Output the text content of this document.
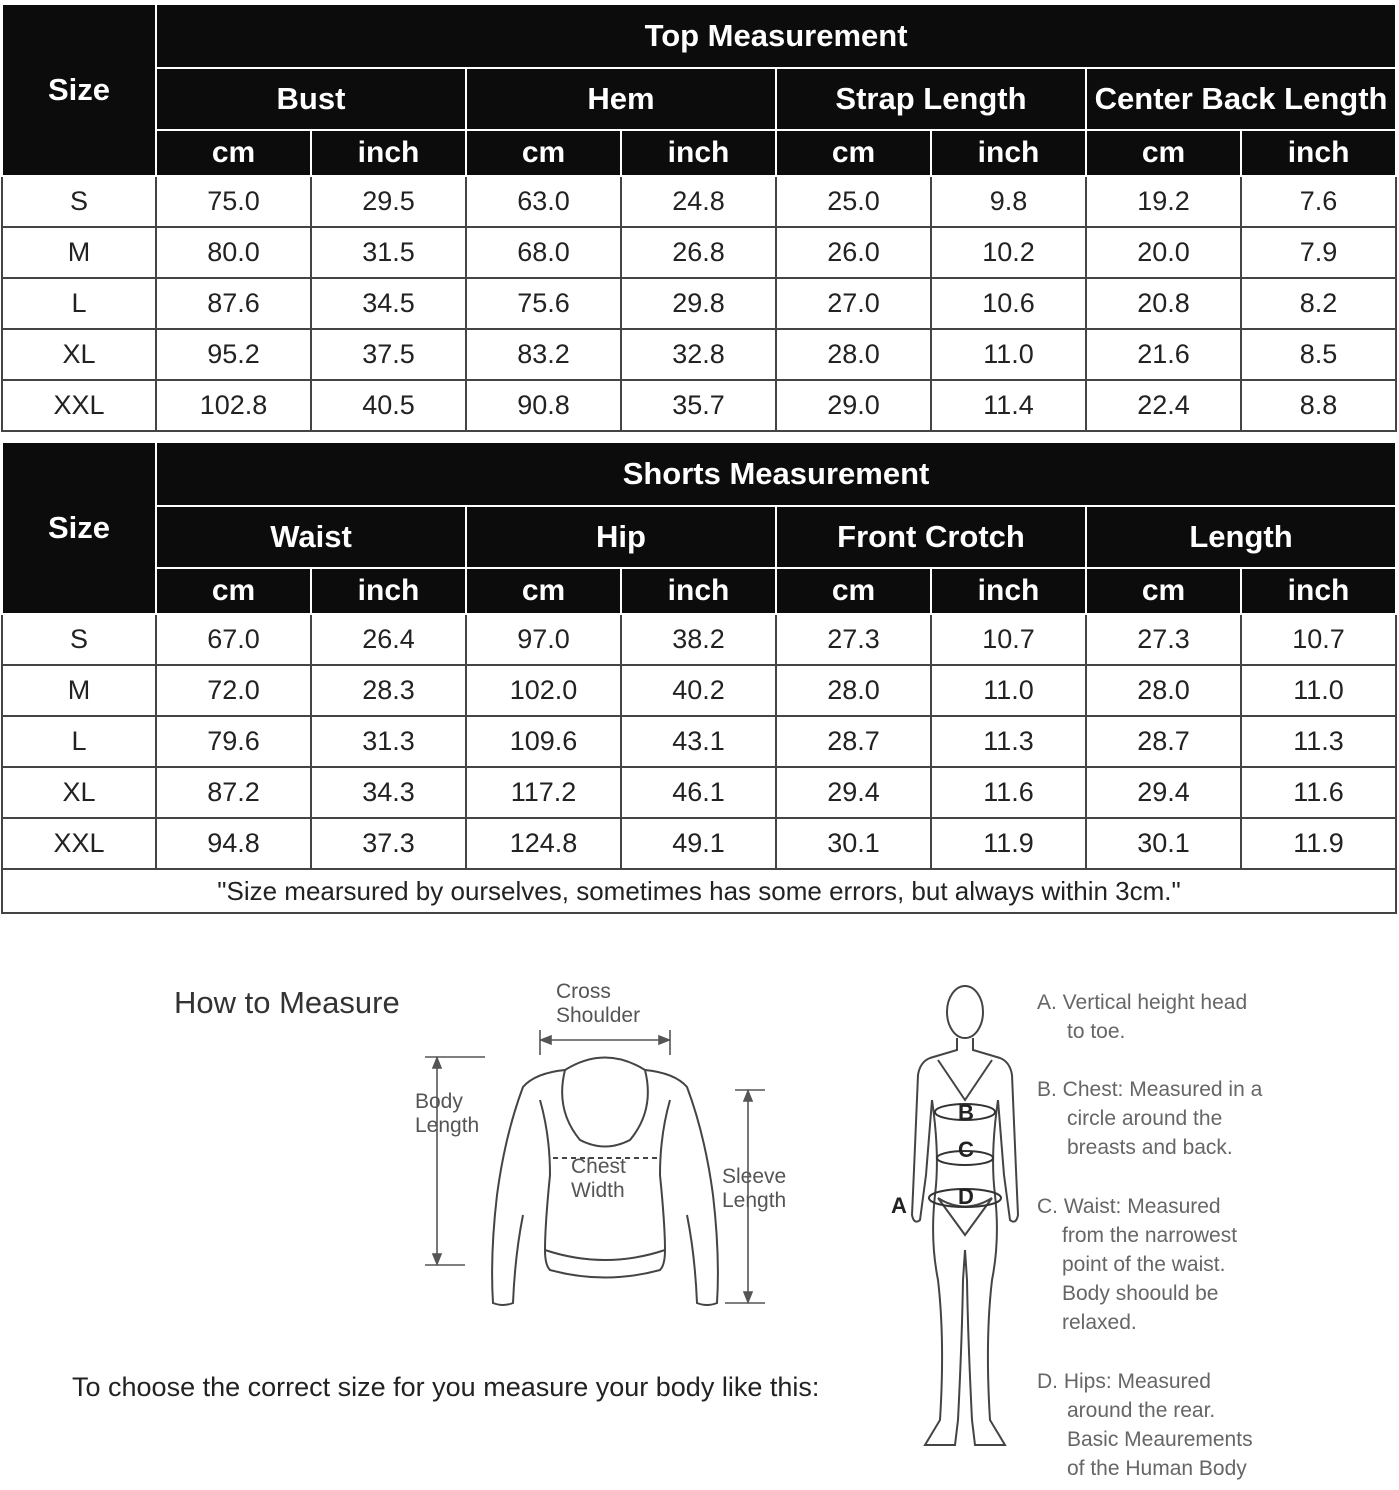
Size	Top Measurement							
	Bust		Hem		Strap Length		Center Back Length	
	cm	inch	cm	inch	cm	inch	cm	inch
S	75.0	29.5	63.0	24.8	25.0	9.8	19.2	7.6
M	80.0	31.5	68.0	26.8	26.0	10.2	20.0	7.9
L	87.6	34.5	75.6	29.8	27.0	10.6	20.8	8.2
XL	95.2	37.5	83.2	32.8	28.0	11.0	21.6	8.5
XXL	102.8	40.5	90.8	35.7	29.0	11.4	22.4	8.8
Size	Shorts Measurement							
	Waist		Hip		Front Crotch		Length	
	cm	inch	cm	inch	cm	inch	cm	inch
S	67.0	26.4	97.0	38.2	27.3	10.7	27.3	10.7
M	72.0	28.3	102.0	40.2	28.0	11.0	28.0	11.0
L	79.6	31.3	109.6	43.1	28.7	11.3	28.7	11.3
XL	87.2	34.3	117.2	46.1	29.4	11.6	29.4	11.6
XXL	94.8	37.3	124.8	49.1	30.1	11.9	30.1	11.9
"Size mearsured by ourselves, sometimes has some errors, but always within 3cm."								
How to Measure	Cross
Shoulder
Body
Length
Chest
Width
Sleeve
Length
To choose the correct size for you measure your body like this:
A
B
C
D
A. Vertical height head
to toe.
B. Chest: Measured in a
circle around the
breasts and back.
C. Waist: Measured
from the narrowest
point of the waist.
Body shoould be
relaxed.
D. Hips: Measured
around the rear.
Basic Meaurements
of the Human Body
